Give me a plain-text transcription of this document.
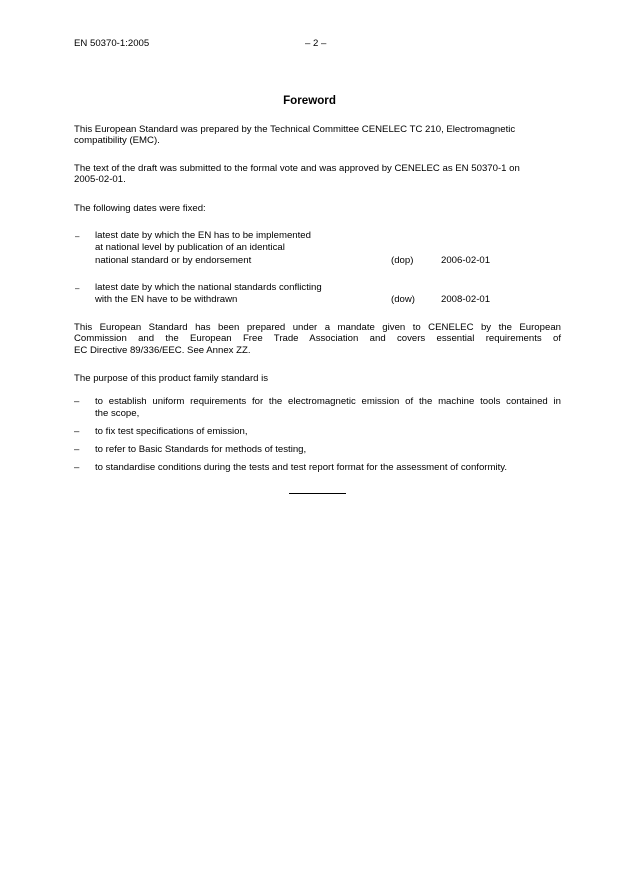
EN 50370-1:2005	– 2 –
Foreword
This European Standard was prepared by the Technical Committee CENELEC TC 210, Electromagnetic
compatibility (EMC).
The text of the draft was submitted to the formal vote and was approved by CENELEC as EN 50370-1 on
2005-02-01.
The following dates were fixed:
– latest date by which the EN has to be implemented
at national level by publication of an identical
national standard or by endorsement	(dop)	2006-02-01
– latest date by which the national standards conflicting
with the EN have to be withdrawn	(dow)	2008-02-01
This European Standard has been prepared under a mandate given to CENELEC by the European
Commission and the European Free Trade Association and covers essential requirements of
EC Directive 89/336/EEC. See Annex ZZ.
The purpose of this product family standard is
– to establish uniform requirements for the electromagnetic emission of the machine tools contained in
the scope,
– to fix test specifications of emission,
– to refer to Basic Standards for methods of testing,
– to standardise conditions during the tests and test report format for the assessment of conformity.
